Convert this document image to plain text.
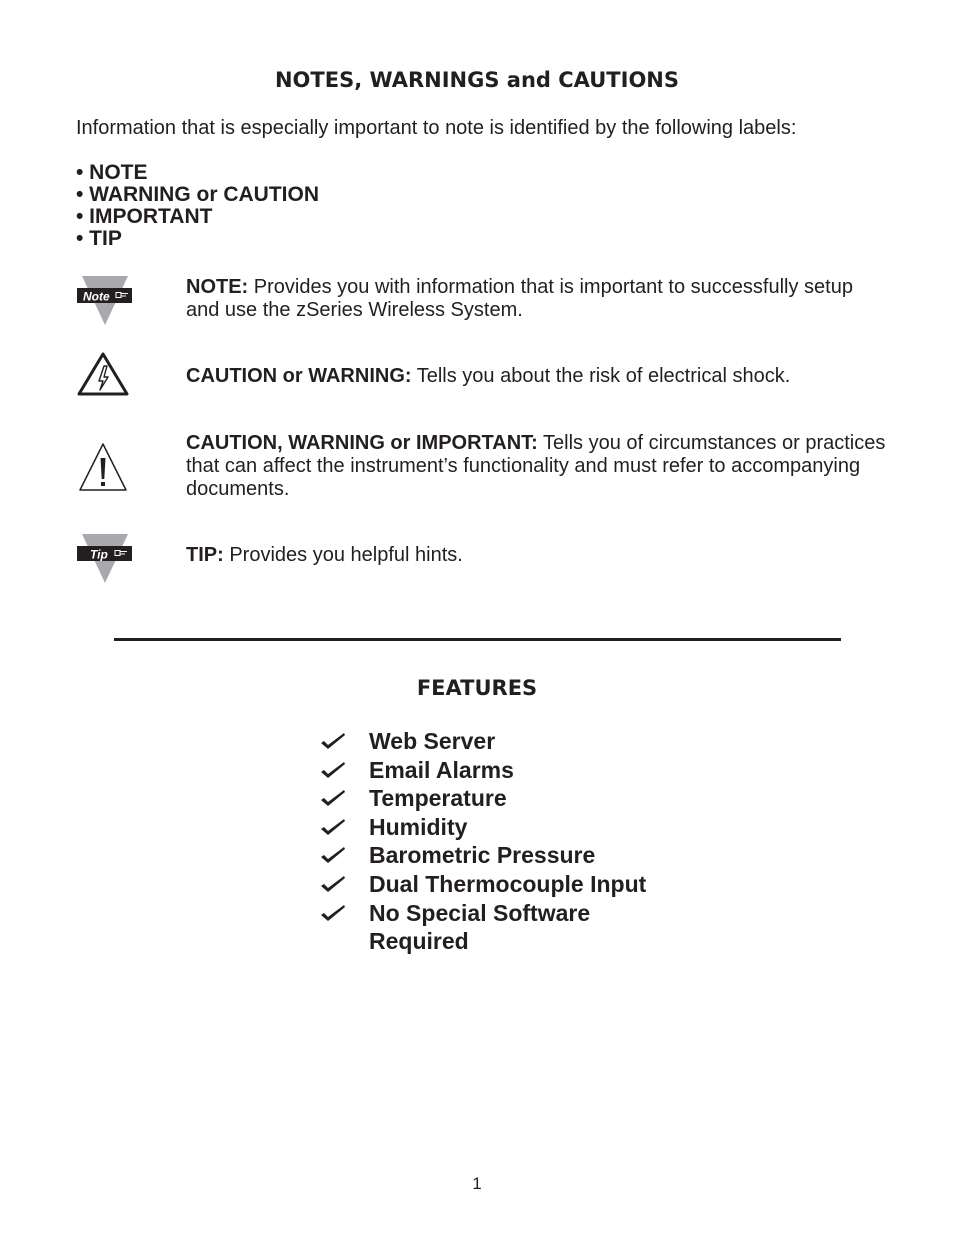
NOTES, WARNINGS and CAUTIONS
Information that is especially important to note is identified by the following labels:
• NOTE
• WARNING or CAUTION
• IMPORTANT
• TIP
Note	NOTE: Provides you with information that is important to successfully setup and use the zSeries Wireless System.
CAUTION or WARNING: Tells you about the risk of electrical shock.
CAUTION, WARNING or IMPORTANT: Tells you of circumstances or practices that can affect the instrument’s functionality and must refer to accompanying documents.
Tip	TIP: Provides you helpful hints.
FEATURES
Web Server
Email Alarms
Temperature
Humidity
Barometric Pressure
Dual Thermocouple Input
No Special Software Required
1
